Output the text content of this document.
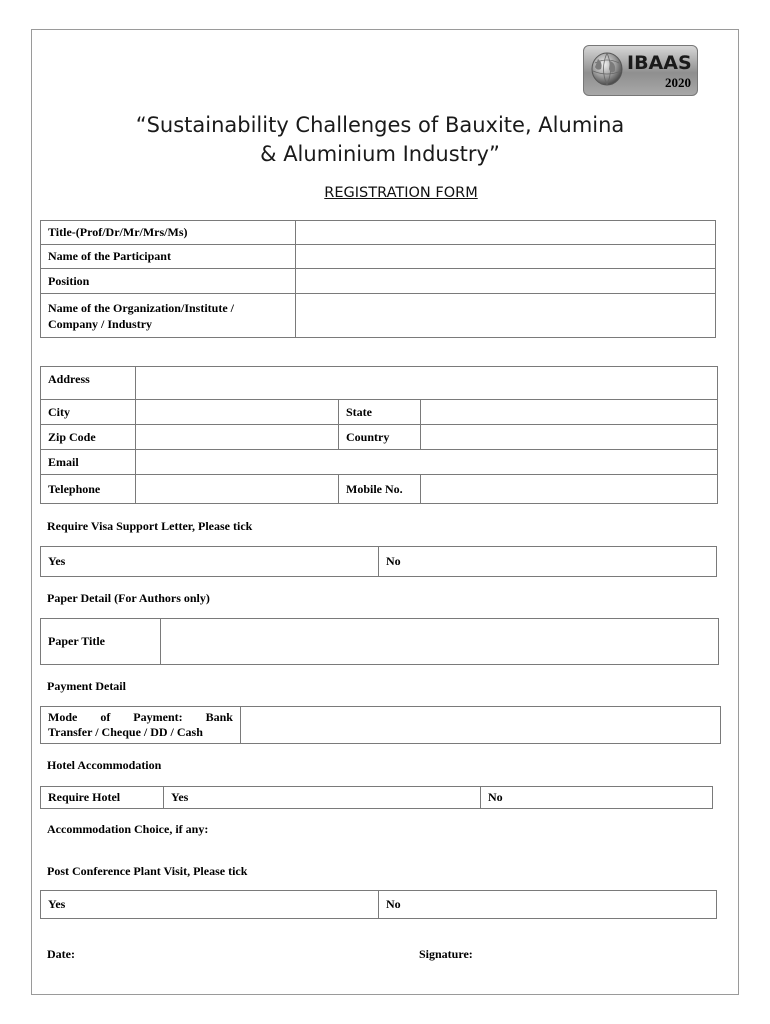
IBAAS
2020
“Sustainability Challenges of Bauxite, Alumina
& Aluminium Industry”
REGISTRATION FORM
Title-(Prof/Dr/Mr/Mrs/Ms)	
Name of the Participant	
Position	

Name of the Organization/Institute /
Company / Industry	

Address			
City		State	
Zip Code		Country	
Email			
Telephone		Mobile No.	
Require Visa Support Letter, Please tick
Yes	No
Paper Detail (For Authors only)
Paper Title	
Payment Detail
Mode of Payment: Bank
Transfer / Cheque / DD / Cash

Hotel Accommodation
Require Hotel	Yes	No
Accommodation Choice, if any:
Post Conference Plant Visit, Please tick
Yes	No
Date:	Signature:
